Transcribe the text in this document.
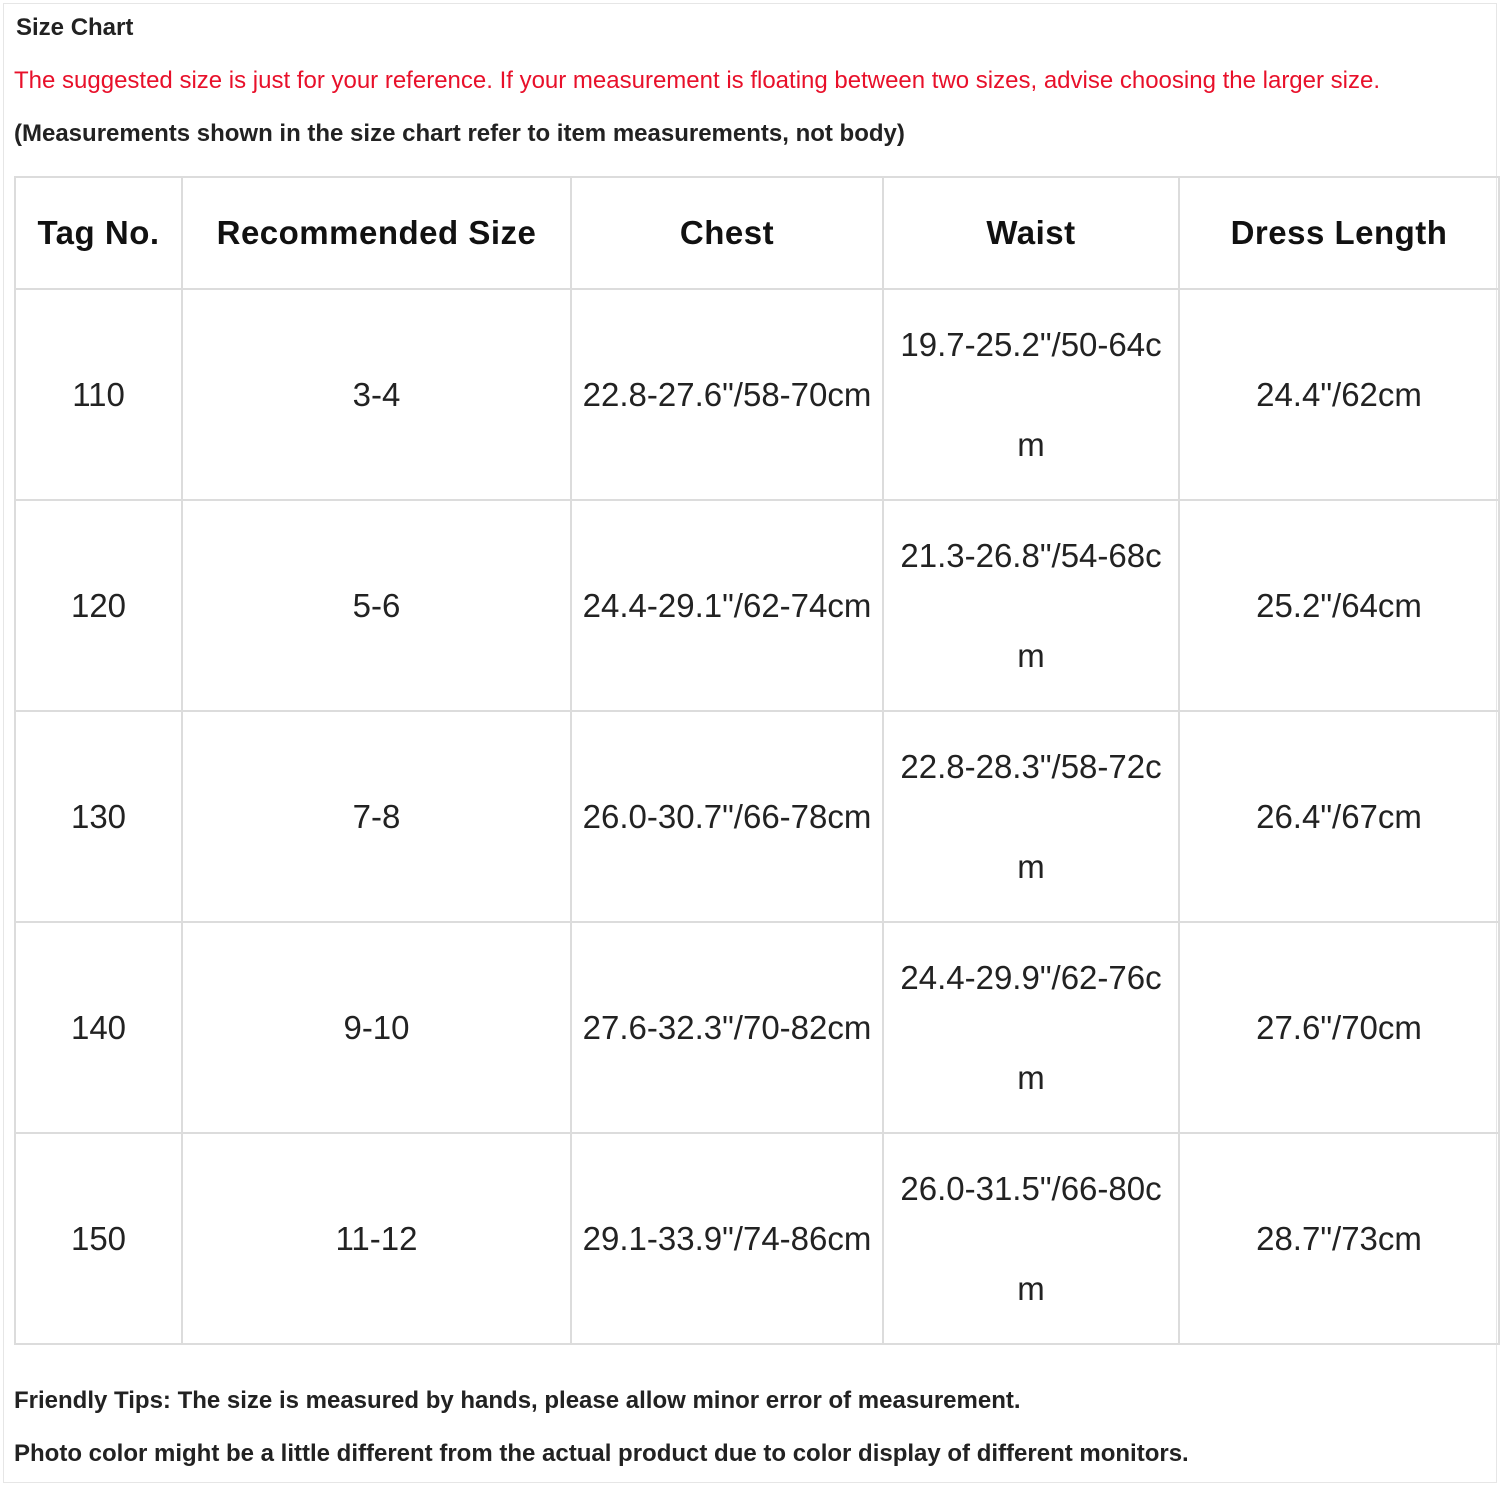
Size Chart

The suggested size is just for your reference. If your measurement is floating between two sizes, advise choosing the larger size.

(Measurements shown in the size chart refer to item measurements, not body)

Tag No.	Recommended Size	Chest	Waist	Dress Length
110	3-4	22.8-27.6"/58-70cm	19.7-25.2"/50-64cm	24.4"/62cm
120	5-6	24.4-29.1"/62-74cm	21.3-26.8"/54-68cm	25.2"/64cm
130	7-8	26.0-30.7"/66-78cm	22.8-28.3"/58-72cm	26.4"/67cm
140	9-10	27.6-32.3"/70-82cm	24.4-29.9"/62-76cm	27.6"/70cm
150	11-12	29.1-33.9"/74-86cm	26.0-31.5"/66-80cm	28.7"/73cm

Friendly Tips: The size is measured by hands, please allow minor error of measurement.

Photo color might be a little different from the actual product due to color display of different monitors.
